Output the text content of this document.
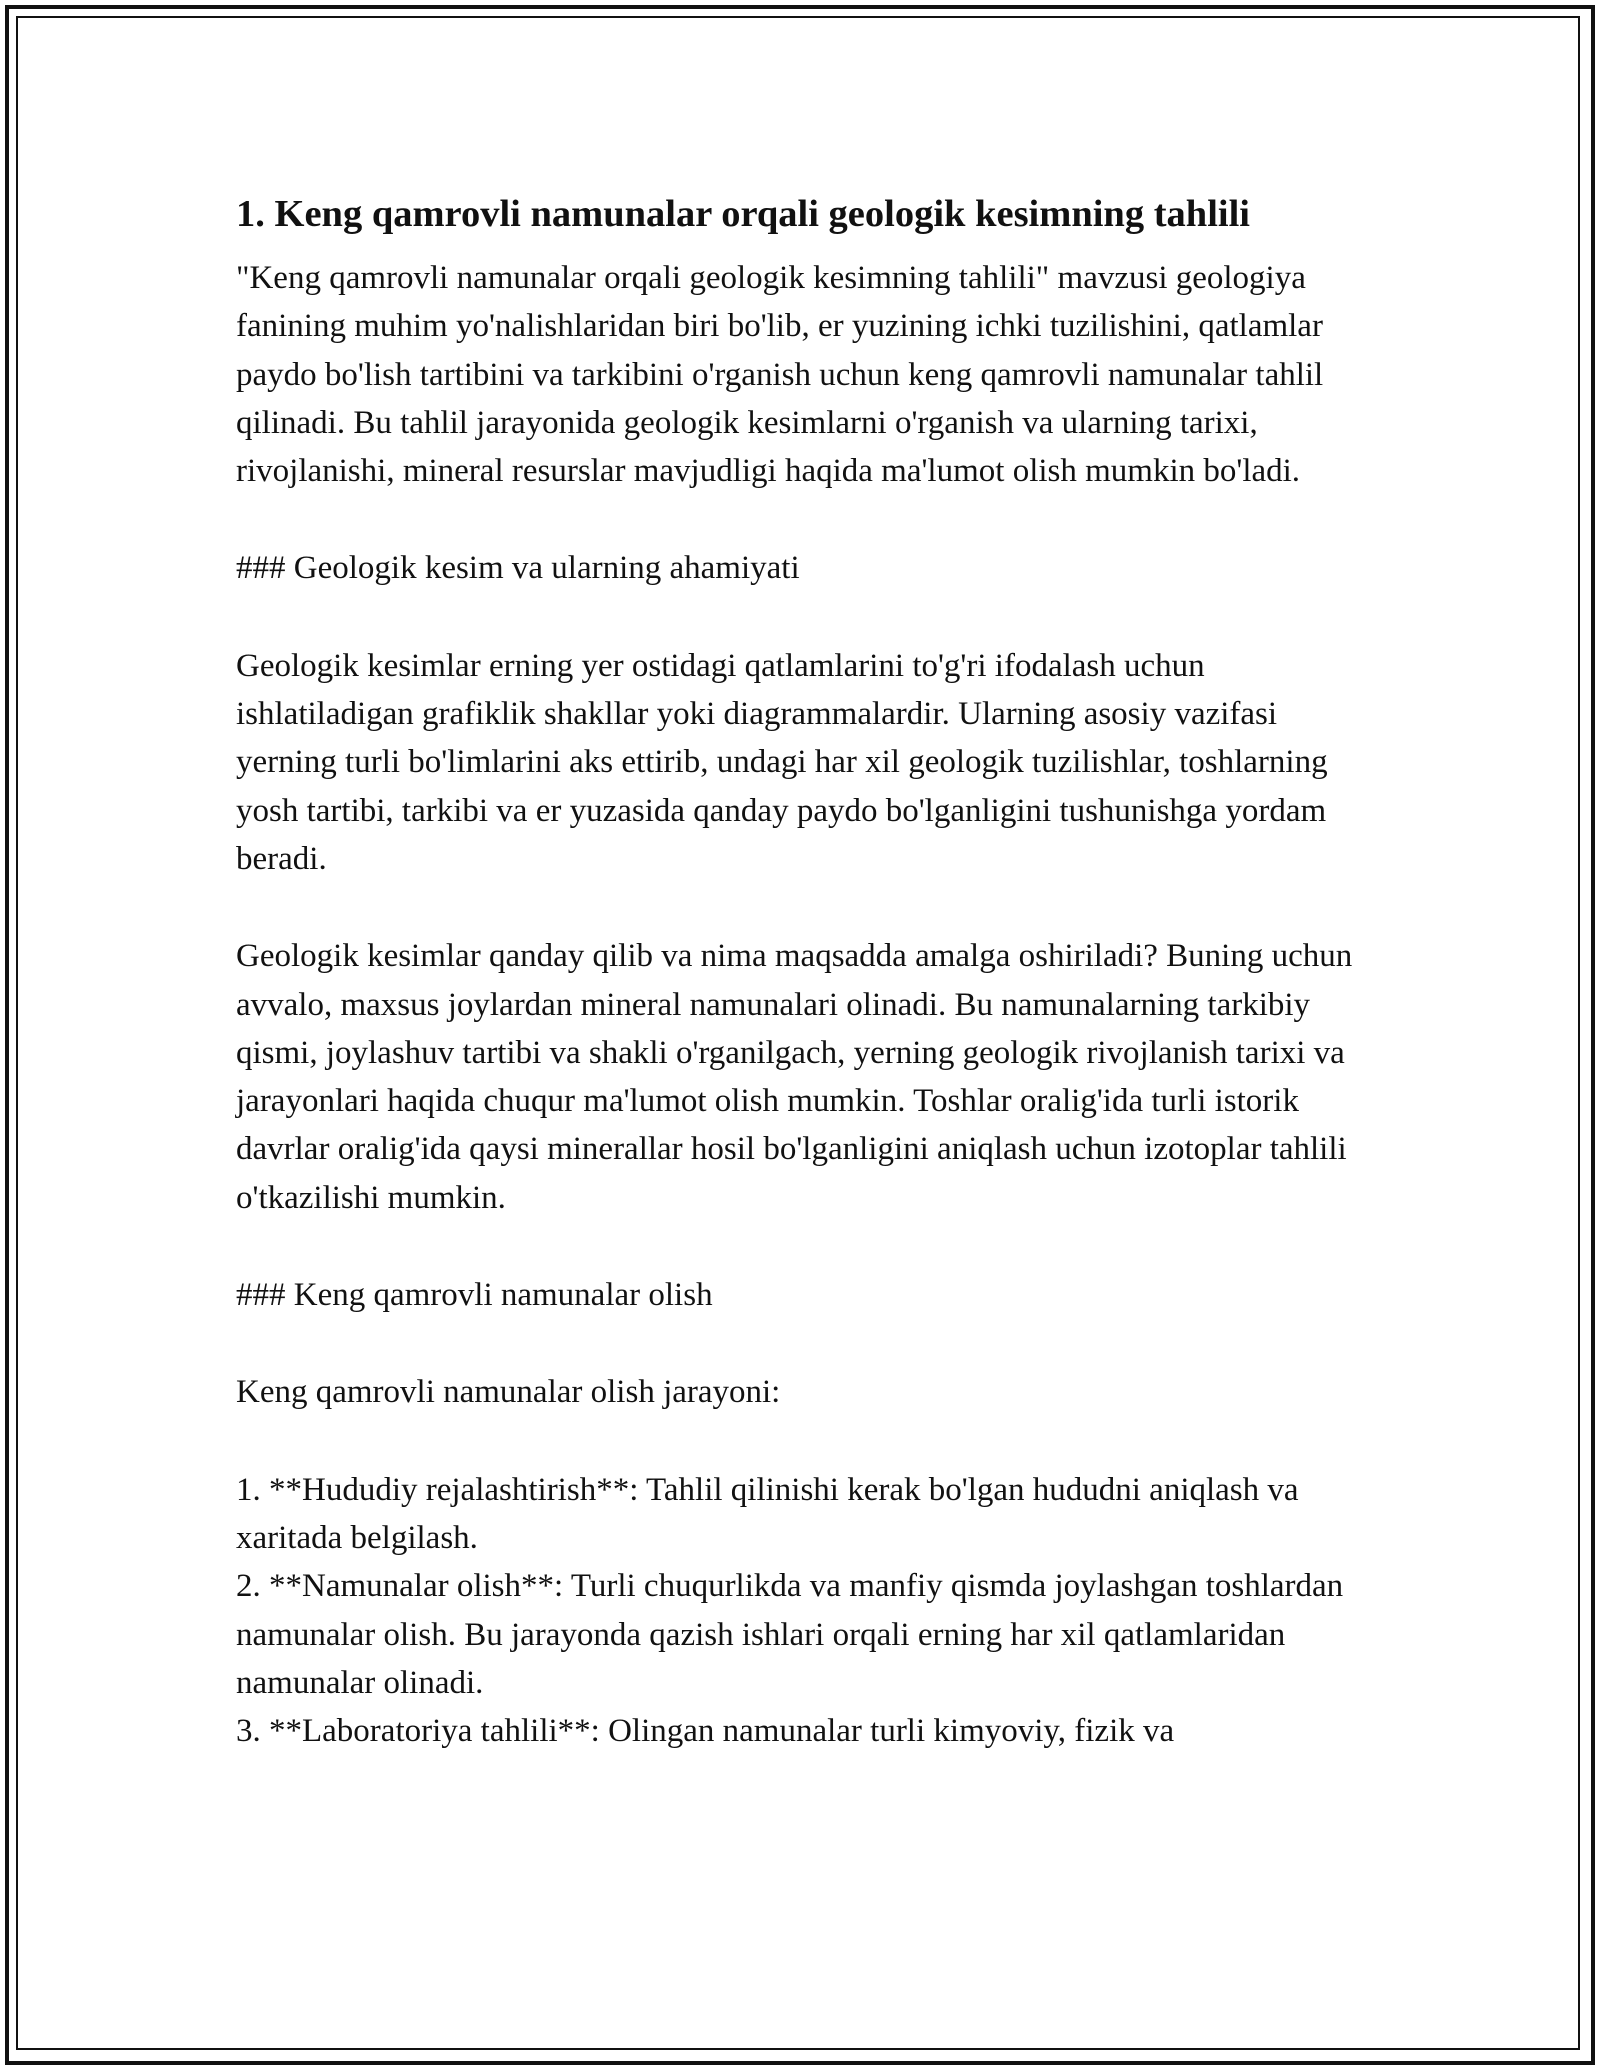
1. Keng qamrovli namunalar orqali geologik kesimning tahlili

"Keng qamrovli namunalar orqali geologik kesimning tahlili" mavzusi geologiya fanining muhim yo'nalishlaridan biri bo'lib, er yuzining ichki tuzilishini, qatlamlar paydo bo'lish tartibini va tarkibini o'rganish uchun keng qamrovli namunalar tahlil qilinadi. Bu tahlil jarayonida geologik kesimlarni o'rganish va ularning tarixi, rivojlanishi, mineral resurslar mavjudligi haqida ma'lumot olish mumkin bo'ladi.

### Geologik kesim va ularning ahamiyati

Geologik kesimlar erning yer ostidagi qatlamlarini to'g'ri ifodalash uchun ishlatiladigan grafiklik shakllar yoki diagrammalardir. Ularning asosiy vazifasi yerning turli bo'limlarini aks ettirib, undagi har xil geologik tuzilishlar, toshlarning yosh tartibi, tarkibi va er yuzasida qanday paydo bo'lganligini tushunishga yordam beradi.

Geologik kesimlar qanday qilib va nima maqsadda amalga oshiriladi? Buning uchun avvalo, maxsus joylardan mineral namunalari olinadi. Bu namunalarning tarkibiy qismi, joylashuv tartibi va shakli o'rganilgach, yerning geologik rivojlanish tarixi va jarayonlari haqida chuqur ma'lumot olish mumkin. Toshlar oralig'ida turli istorik davrlar oralig'ida qaysi minerallar hosil bo'lganligini aniqlash uchun izotoplar tahlili o'tkazilishi mumkin.

### Keng qamrovli namunalar olish

Keng qamrovli namunalar olish jarayoni:

1. **Hududiy rejalashtirish**: Tahlil qilinishi kerak bo'lgan hududni aniqlash va xaritada belgilash.

2. **Namunalar olish**: Turli chuqurlikda va manfiy qismda joylashgan toshlardan namunalar olish. Bu jarayonda qazish ishlari orqali erning har xil qatlamlaridan namunalar olinadi.

3. **Laboratoriya tahlili**: Olingan namunalar turli kimyoviy, fizik va
